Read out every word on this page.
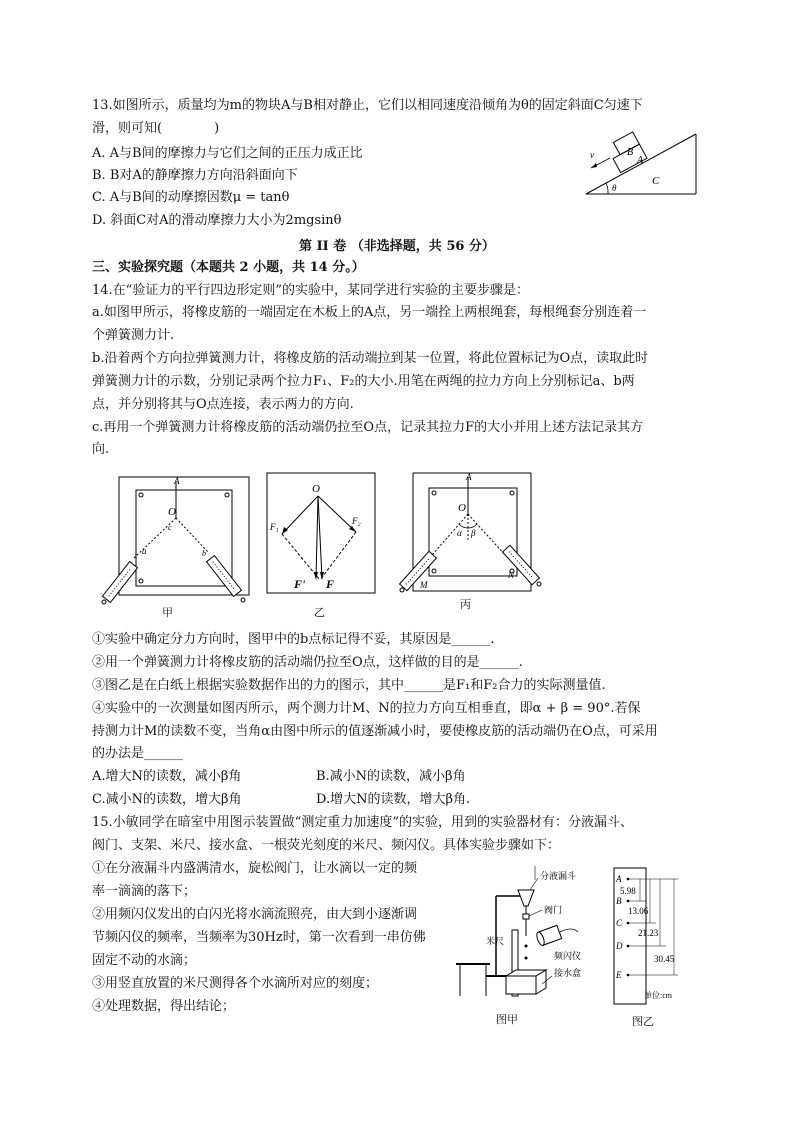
13.如图所示，质量均为m的物块A与B相对静止，它们以相同速度沿倾角为θ的固定斜面C匀速下
滑，则可知(　　　　)
A. A与B间的摩擦力与它们之间的正压力成正比
B. B对A的静摩擦力方向沿斜面向下
C. A与B间的动摩擦因数μ = tanθ
D. 斜面C对A的滑动摩擦力大小为2mgsinθ
B
A
C
θ
v
第 II 卷 （非选择题，共 56 分）
三、实验探究题（本题共 2 小题，共 14 分。）
14.在“验证力的平行四边形定则”的实验中，某同学进行实验的主要步骤是：
a.如图甲所示，将橡皮筋的一端固定在木板上的A点，另一端拴上两根绳套，每根绳套分别连着一
个弹簧测力计.
b.沿着两个方向拉弹簧测力计，将橡皮筋的活动端拉到某一位置，将此位置标记为O点，读取此时
弹簧测力计的示数，分别记录两个拉力F₁、F₂的大小.用笔在两绳的拉力方向上分别标记a、b两
点，并分别将其与O点连接，表示两力的方向.
c.再用一个弹簧测力计将橡皮筋的活动端仍拉至O点，记录其拉力F的大小并用上述方法记录其方
向.
A
O
a
c
b
甲
O
F₁
F₂
F' F
乙
A
O
α β
M
N
丙
①实验中确定分力方向时，图甲中的b点标记得不妥，其原因是______.
②用一个弹簧测力计将橡皮筋的活动端仍拉至O点，这样做的目的是______.
③图乙是在白纸上根据实验数据作出的力的图示，其中______是F₁和F₂合力的实际测量值.
④实验中的一次测量如图丙所示，两个测力计M、N的拉力方向互相垂直，即α + β = 90°.若保
持测力计M的读数不变，当角α由图中所示的值逐渐减小时，要使橡皮筋的活动端仍在O点，可采用
的办法是______
A.增大N的读数，减小β角	B.减小N的读数，减小β角
C.减小N的读数，增大β角	D.增大N的读数，增大β角.
15.小敏同学在暗室中用图示装置做“测定重力加速度”的实验，用到的实验器材有：分液漏斗、
阀门、支架、米尺、接水盒、一根荧光刻度的米尺、频闪仪。具体实验步骤如下：
①在分液漏斗内盛满清水，旋松阀门，让水滴以一定的频
率一滴滴的落下；
②用频闪仪发出的白闪光将水滴流照亮，由大到小逐渐调
节频闪仪的频率，当频率为30Hz时，第一次看到一串仿佛
固定不动的水滴；
③用竖直放置的米尺测得各个水滴所对应的刻度；
④处理数据，得出结论；
分液漏斗
阀门
米尺
频闪仪
接水盒
图甲
A
B
C
D
E
5.98
13.06
21.23
30.45
单位:cm
图乙
